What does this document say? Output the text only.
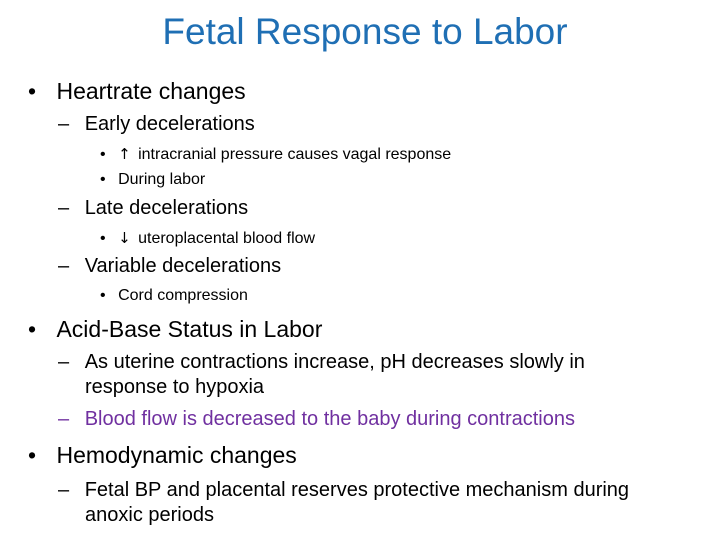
Fetal Response to Labor
• Heartrate changes
– Early decelerations
• ↑ intracranial pressure causes vagal response
• During labor
– Late decelerations
• ↓ uteroplacental blood flow
– Variable decelerations
• Cord compression
• Acid-Base Status in Labor
– As uterine contractions increase, pH decreases slowly in
response to hypoxia
– Blood flow is decreased to the baby during contractions
• Hemodynamic changes
– Fetal BP and placental reserves protective mechanism during
anoxic periods
